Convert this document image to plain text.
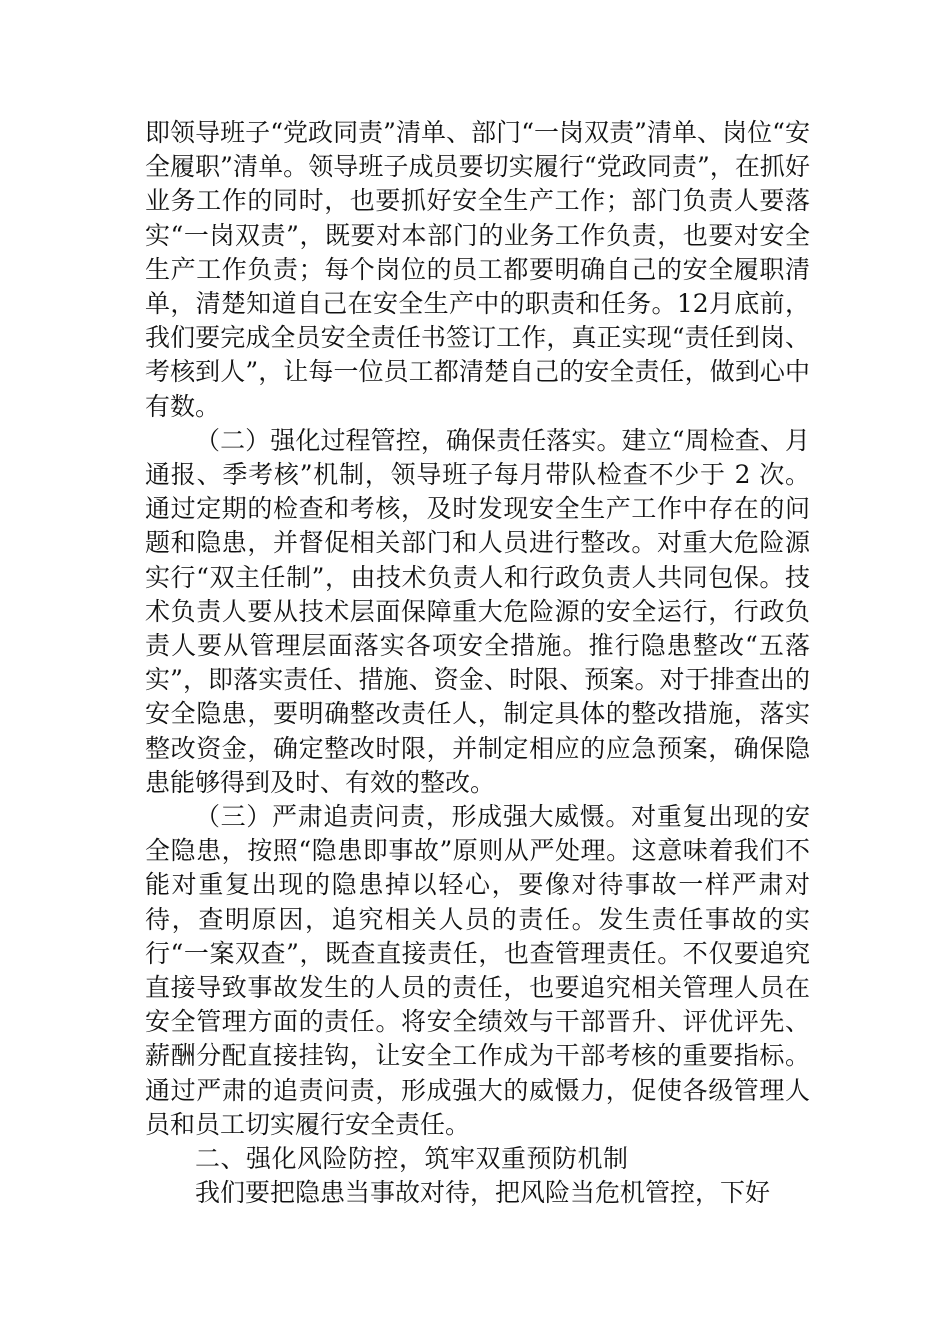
即领导班子“党政同责”清单、部门“一岗双责”清单、岗位“安全履职”清单。领导班子成员要切实履行“党政同责”，在抓好业务工作的同时，也要抓好安全生产工作；部门负责人要落实“一岗双责”，既要对本部门的业务工作负责，也要对安全生产工作负责；每个岗位的员工都要明确自己的安全履职清单，清楚知道自己在安全生产中的职责和任务。12月底前，我们要完成全员安全责任书签订工作，真正实现“责任到岗、考核到人”，让每一位员工都清楚自己的安全责任，做到心中有数。

（二）强化过程管控，确保责任落实。建立“周检查、月通报、季考核”机制，领导班子每月带队检查不少于 2 次。通过定期的检查和考核，及时发现安全生产工作中存在的问题和隐患，并督促相关部门和人员进行整改。对重大危险源实行“双主任制”，由技术负责人和行政负责人共同包保。技术负责人要从技术层面保障重大危险源的安全运行，行政负责人要从管理层面落实各项安全措施。推行隐患整改“五落实”，即落实责任、措施、资金、时限、预案。对于排查出的安全隐患，要明确整改责任人，制定具体的整改措施，落实整改资金，确定整改时限，并制定相应的应急预案，确保隐患能够得到及时、有效的整改。

（三）严肃追责问责，形成强大威慑。对重复出现的安全隐患，按照“隐患即事故”原则从严处理。这意味着我们不能对重复出现的隐患掉以轻心，要像对待事故一样严肃对待，查明原因，追究相关人员的责任。发生责任事故的实行“一案双查”，既查直接责任，也查管理责任。不仅要追究直接导致事故发生的人员的责任，也要追究相关管理人员在安全管理方面的责任。将安全绩效与干部晋升、评优评先、薪酬分配直接挂钩，让安全工作成为干部考核的重要指标。通过严肃的追责问责，形成强大的威慑力，促使各级管理人员和员工切实履行安全责任。

二、强化风险防控，筑牢双重预防机制

我们要把隐患当事故对待，把风险当危机管控，下好
